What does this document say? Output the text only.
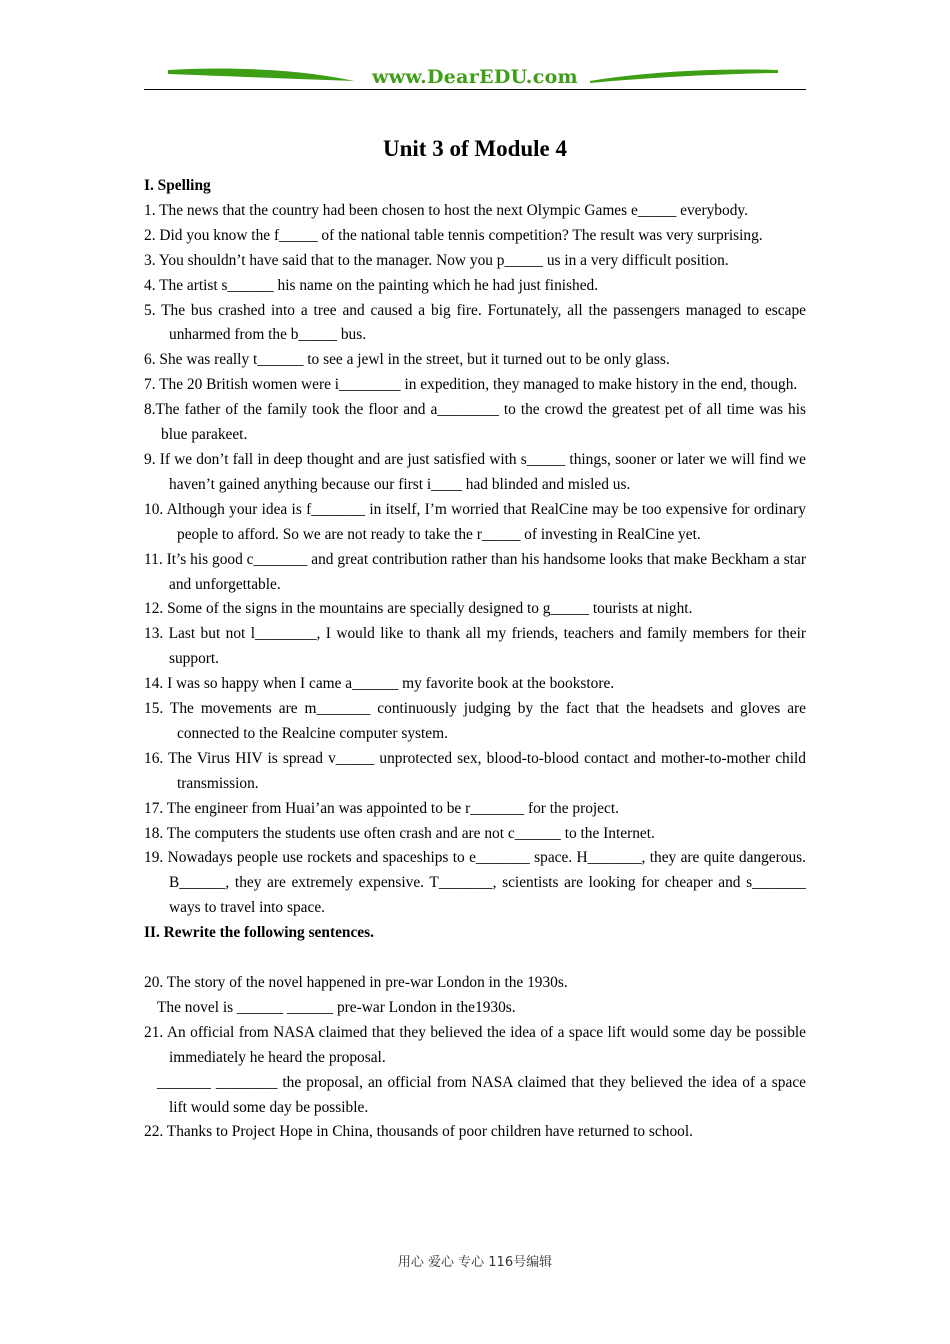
www.DearEDU.com
Unit 3 of Module 4
I. Spelling
1. The news that the country had been chosen to host the next Olympic Games e_____ everybody.
2. Did you know the f_____ of the national table tennis competition? The result was very surprising.
3. You shouldn’t have said that to the manager. Now you p_____ us in a very difficult position.
4. The artist s______ his name on the painting which he had just finished.
5. The bus crashed into a tree and caused a big fire. Fortunately, all the passengers managed to escape unharmed from the b_____ bus.
6. She was really t______ to see a jewl in the street, but it turned out to be only glass.
7. The 20 British women were i________ in expedition, they managed to make history in the end, though.
8.The father of the family took the floor and a________ to the crowd the greatest pet of all time was his blue parakeet.
9. If we don’t fall in deep thought and are just satisfied with s_____ things, sooner or later we will find we haven’t gained anything because our first i____ had blinded and misled us.
10. Although your idea is f_______ in itself, I’m worried that RealCine may be too expensive for ordinary people to afford. So we are not ready to take the r_____ of investing in RealCine yet.
11. It’s his good c_______ and great contribution rather than his handsome looks that make Beckham a star and unforgettable.
12. Some of the signs in the mountains are specially designed to g_____ tourists at night.
13. Last but not l________, I would like to thank all my friends, teachers and family members for their support.
14. I was so happy when I came a______ my favorite book at the bookstore.
15. The movements are m_______ continuously judging by the fact that the headsets and gloves are connected to the Realcine computer system.
16. The Virus HIV is spread v_____ unprotected sex, blood-to-blood contact and mother-to-mother child transmission.
17. The engineer from Huai’an was appointed to be r_______ for the project.
18. The computers the students use often crash and are not c______ to the Internet.
19. Nowadays people use rockets and spaceships to e_______ space. H_______, they are quite dangerous. B______, they are extremely expensive. T_______, scientists are looking for cheaper and s_______ ways to travel into space.
II. Rewrite the following sentences.
20. The story of the novel happened in pre-war London in the 1930s.
The novel is ______ ______ pre-war London in the1930s.
21. An official from NASA claimed that they believed the idea of a space lift would some day be possible immediately he heard the proposal.
_______ ________ the proposal, an official from NASA claimed that they believed the idea of a space lift would some day be possible.
22. Thanks to Project Hope in China, thousands of poor children have returned to school.
用心 爱心 专心 116号编辑
